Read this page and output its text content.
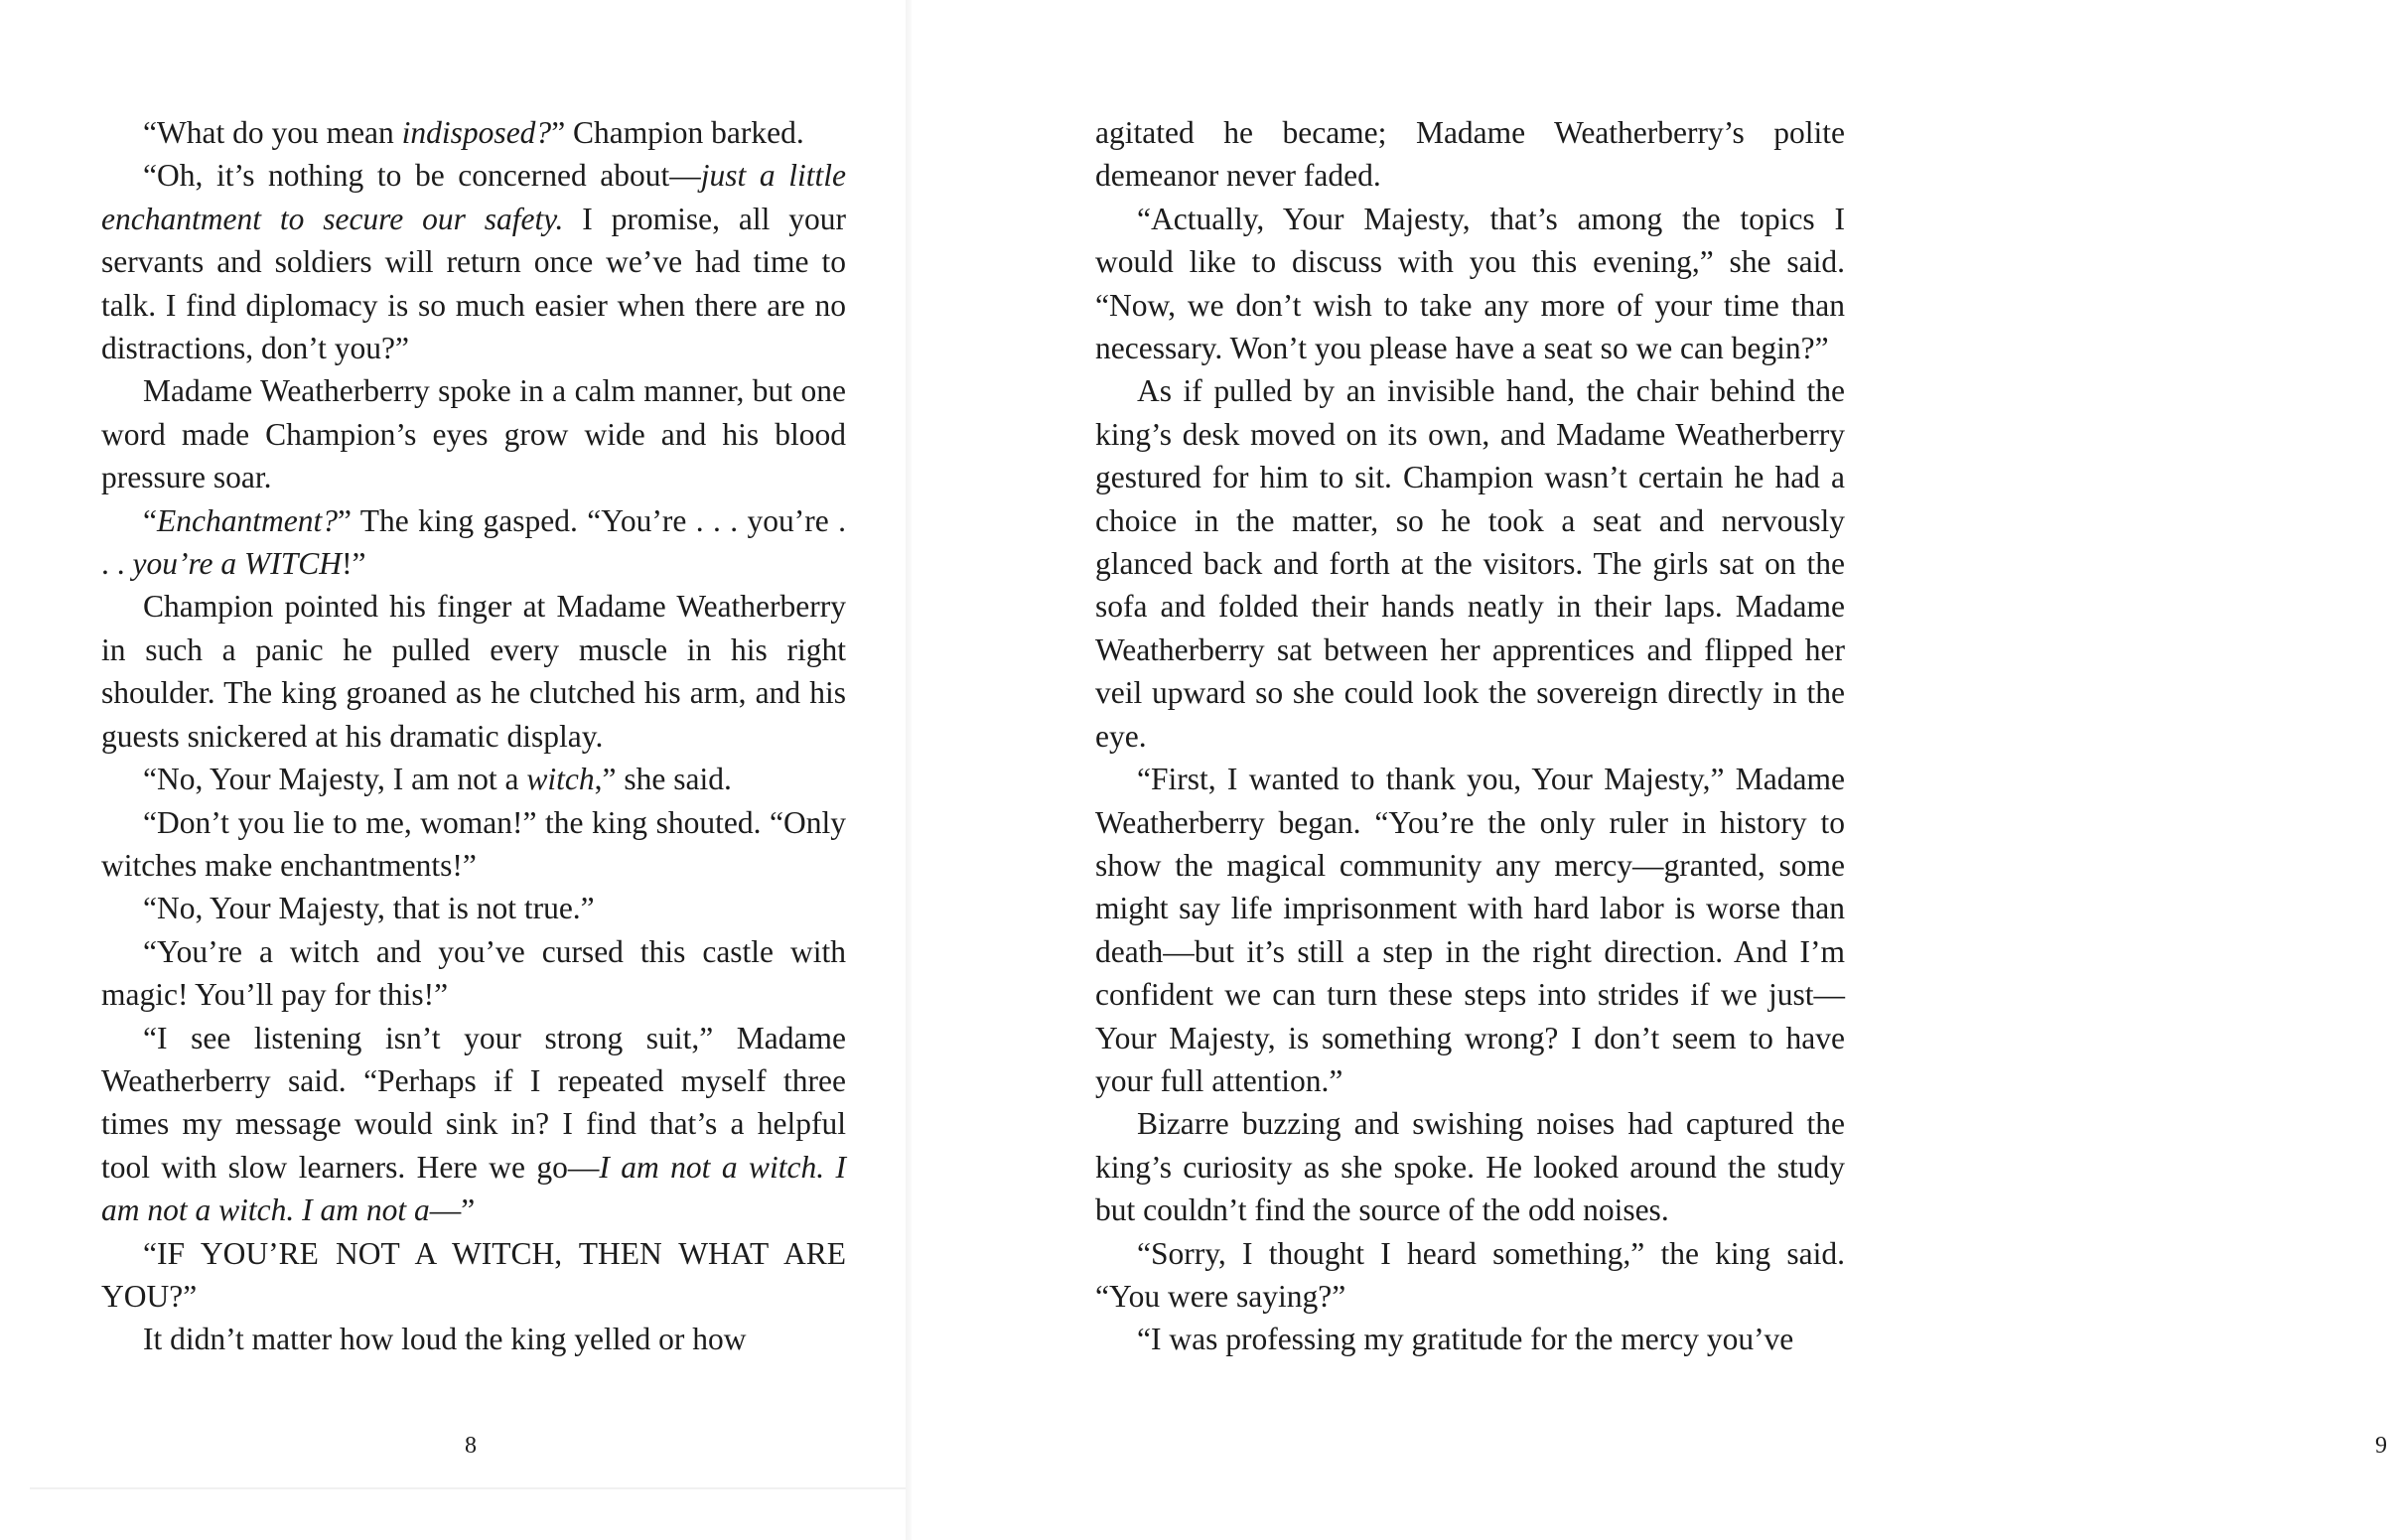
“What do you mean indisposed?” Champion barked.

“Oh, it’s nothing to be concerned about—just a little enchantment to secure our safety. I promise, all your servants and soldiers will return once we’ve had time to talk. I find diplomacy is so much easier when there are no distractions, don’t you?”

Madame Weatherberry spoke in a calm manner, but one word made Champion’s eyes grow wide and his blood pressure soar.

“Enchantment?” The king gasped. “You’re . . . you’re . . . you’re a WITCH!”

Champion pointed his finger at Madame Weatherberry in such a panic he pulled every muscle in his right shoulder. The king groaned as he clutched his arm, and his guests snickered at his dramatic display.

“No, Your Majesty, I am not a witch,” she said.

“Don’t you lie to me, woman!” the king shouted. “Only witches make enchantments!”

“No, Your Majesty, that is not true.”

“You’re a witch and you’ve cursed this castle with magic! You’ll pay for this!”

“I see listening isn’t your strong suit,” Madame Weatherberry said. “Perhaps if I repeated myself three times my message would sink in? I find that’s a helpful tool with slow learners. Here we go—I am not a witch. I am not a witch. I am not a—”

“IF YOU’RE NOT A WITCH, THEN WHAT ARE YOU?”

It didn’t matter how loud the king yelled or how

8	9

agitated he became; Madame Weatherberry’s polite demeanor never faded.

“Actually, Your Majesty, that’s among the topics I would like to discuss with you this evening,” she said. “Now, we don’t wish to take any more of your time than necessary. Won’t you please have a seat so we can begin?”

As if pulled by an invisible hand, the chair behind the king’s desk moved on its own, and Madame Weatherberry gestured for him to sit. Champion wasn’t certain he had a choice in the matter, so he took a seat and nervously glanced back and forth at the visitors. The girls sat on the sofa and folded their hands neatly in their laps. Madame Weatherberry sat between her apprentices and flipped her veil upward so she could look the sovereign directly in the eye.

“First, I wanted to thank you, Your Majesty,” Madame Weatherberry began. “You’re the only ruler in history to show the magical community any mercy—granted, some might say life imprisonment with hard labor is worse than death—but it’s still a step in the right direction. And I’m confident we can turn these steps into strides if we just—Your Majesty, is something wrong? I don’t seem to have your full attention.”

Bizarre buzzing and swishing noises had captured the king’s curiosity as she spoke. He looked around the study but couldn’t find the source of the odd noises.

“Sorry, I thought I heard something,” the king said. “You were saying?”

“I was professing my gratitude for the mercy you’ve
